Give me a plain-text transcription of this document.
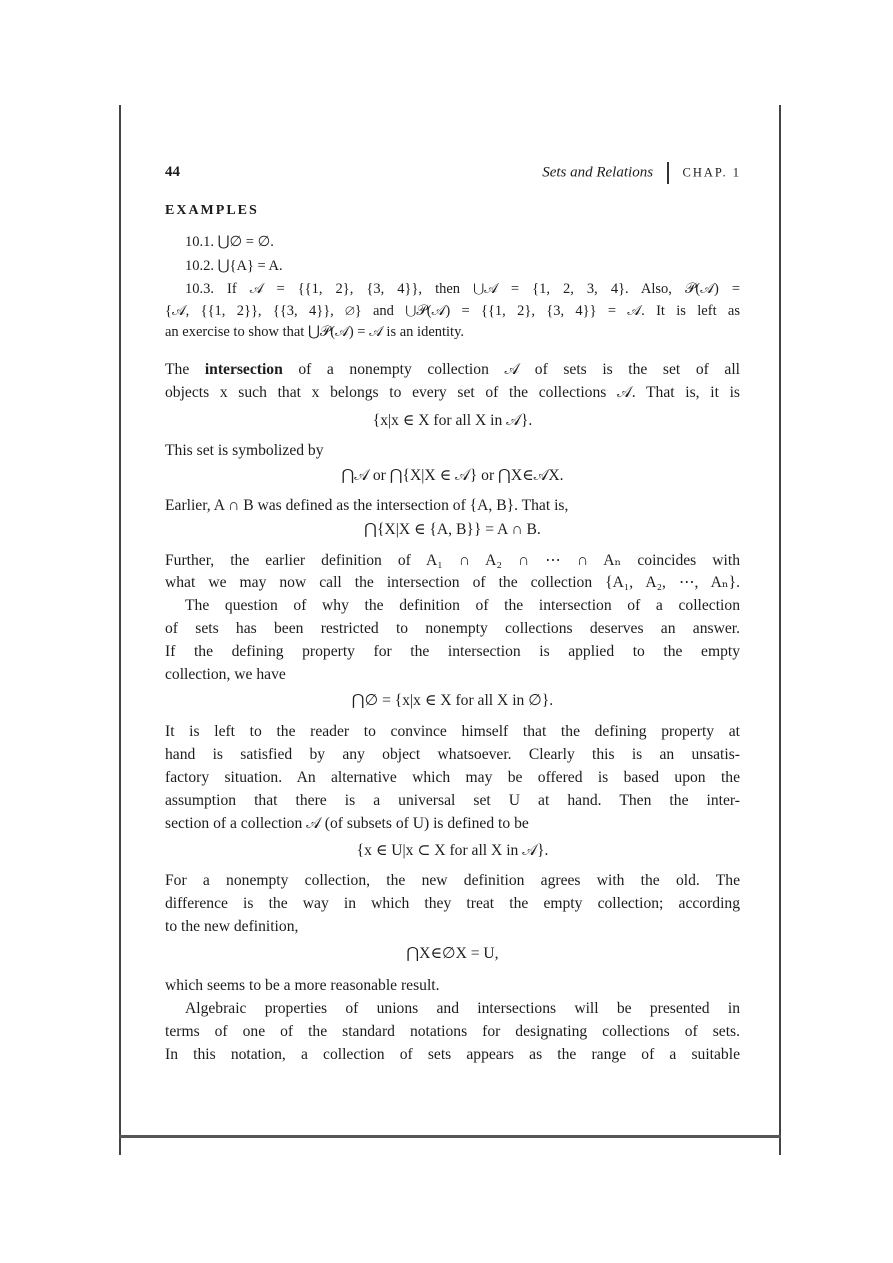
44	Sets and Relations CHAP. 1
EXAMPLES
10.1. ⋃∅ = ∅.
10.2. ⋃{A} = A.
10.3. If 𝒜 = {{1, 2}, {3, 4}}, then ⋃𝒜 = {1, 2, 3, 4}. Also, 𝒫(𝒜) =
{𝒜, {{1, 2}}, {{3, 4}}, ∅} and ⋃𝒫(𝒜) = {{1, 2}, {3, 4}} = 𝒜. It is left as
an exercise to show that ⋃𝒫(𝒜) = 𝒜 is an identity.
The intersection of a nonempty collection 𝒜 of sets is the set of all
objects x such that x belongs to every set of the collections 𝒜. That is, it is
{x|x ∈ X for all X in 𝒜}.
This set is symbolized by
⋂𝒜 or ⋂{X|X ∈ 𝒜} or ⋂X∈𝒜X.
Earlier, A ∩ B was defined as the intersection of {A, B}. That is,
⋂{X|X ∈ {A, B}} = A ∩ B.
Further, the earlier definition of A₁ ∩ A₂ ∩ ⋯ ∩ Aₙ coincides with
what we may now call the intersection of the collection {A₁, A₂, ⋯, Aₙ}.
The question of why the definition of the intersection of a collection
of sets has been restricted to nonempty collections deserves an answer.
If the defining property for the intersection is applied to the empty
collection, we have
⋂∅ = {x|x ∈ X for all X in ∅}.
It is left to the reader to convince himself that the defining property at
hand is satisfied by any object whatsoever. Clearly this is an unsatis-
factory situation. An alternative which may be offered is based upon the
assumption that there is a universal set U at hand. Then the inter-
section of a collection 𝒜 (of subsets of U) is defined to be
{x ∈ U|x ⊂ X for all X in 𝒜}.
For a nonempty collection, the new definition agrees with the old. The
difference is the way in which they treat the empty collection; according
to the new definition,
⋂X∈∅X = U,
which seems to be a more reasonable result.
Algebraic properties of unions and intersections will be presented in
terms of one of the standard notations for designating collections of sets.
In this notation, a collection of sets appears as the range of a suitable
